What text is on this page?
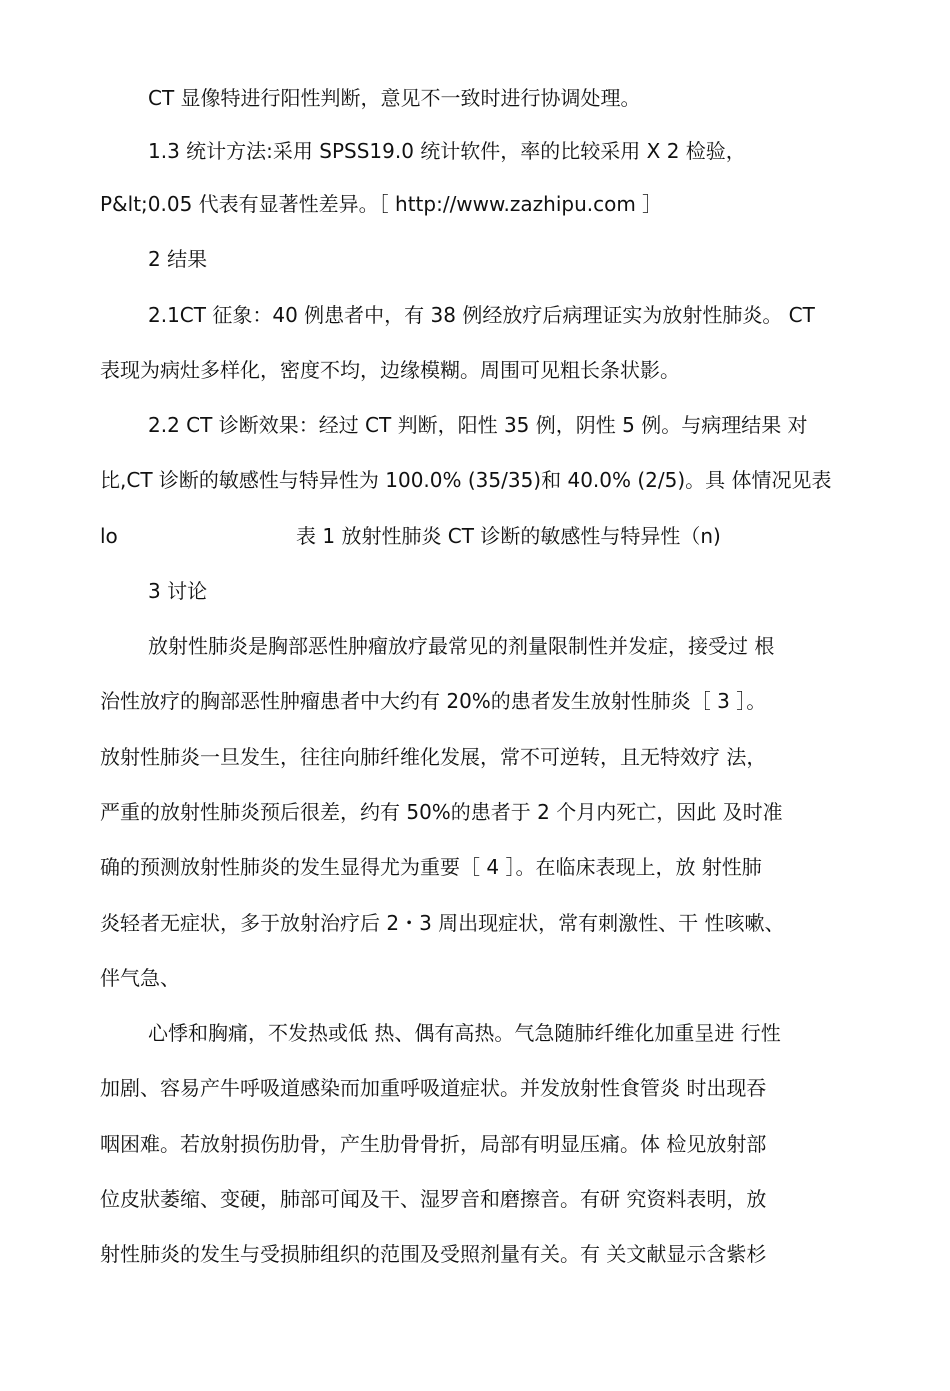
CT 显像特进行阳性判断，意见不一致时进行协调处理。
1.3 统计方法:采用 SPSS19.0 统计软件，率的比较采用 X 2 检验，
P&lt;0.05 代表有显著性差异。［ http://www.zazhipu.com ］
2 结果
2.1CT 征象：40 例患者中，有 38 例经放疗后病理证实为放射性肺炎。 CT
表现为病灶多样化，密度不均，边缘模糊。周围可见粗长条状影。
2.2 CT 诊断效果：经过 CT 判断，阳性 35 例，阴性 5 例。与病理结果 对
比,CT 诊断的敏感性与特异性为 100.0% (35/35)和 40.0% (2/5)。具 体情况见表
lo	表 1 放射性肺炎 CT 诊断的敏感性与特异性（n)
3 讨论
放射性肺炎是胸部恶性肿瘤放疗最常见的剂量限制性并发症，接受过 根
治性放疗的胸部恶性肿瘤患者中大约有 20%的患者发生放射性肺炎［ 3 ］。
放射性肺炎一旦发生，往往向肺纤维化发展，常不可逆转，且无特效疗 法，
严重的放射性肺炎预后很差，约有 50%的患者于 2 个月内死亡，因此 及时准
确的预测放射性肺炎的发生显得尤为重要［ 4 ］。在临床表现上，放 射性肺
炎轻者无症状，多于放射治疗后 2・3 周出现症状，常有刺激性、干 性咳嗽、
伴气急、
心悸和胸痛，不发热或低 热、偶有高热。气急随肺纤维化加重呈进 行性
加剧、容易产牛呼吸道感染而加重呼吸道症状。并发放射性食管炎 时出现吞
咽困难。若放射损伤肋骨，产生肋骨骨折，局部有明显压痛。体 检见放射部
位皮狀萎缩、变硬，肺部可闻及干、湿罗音和磨擦音。有研 究资料表明，放
射性肺炎的发生与受损肺组织的范围及受照剂量有关。有 关文献显示含紫杉
